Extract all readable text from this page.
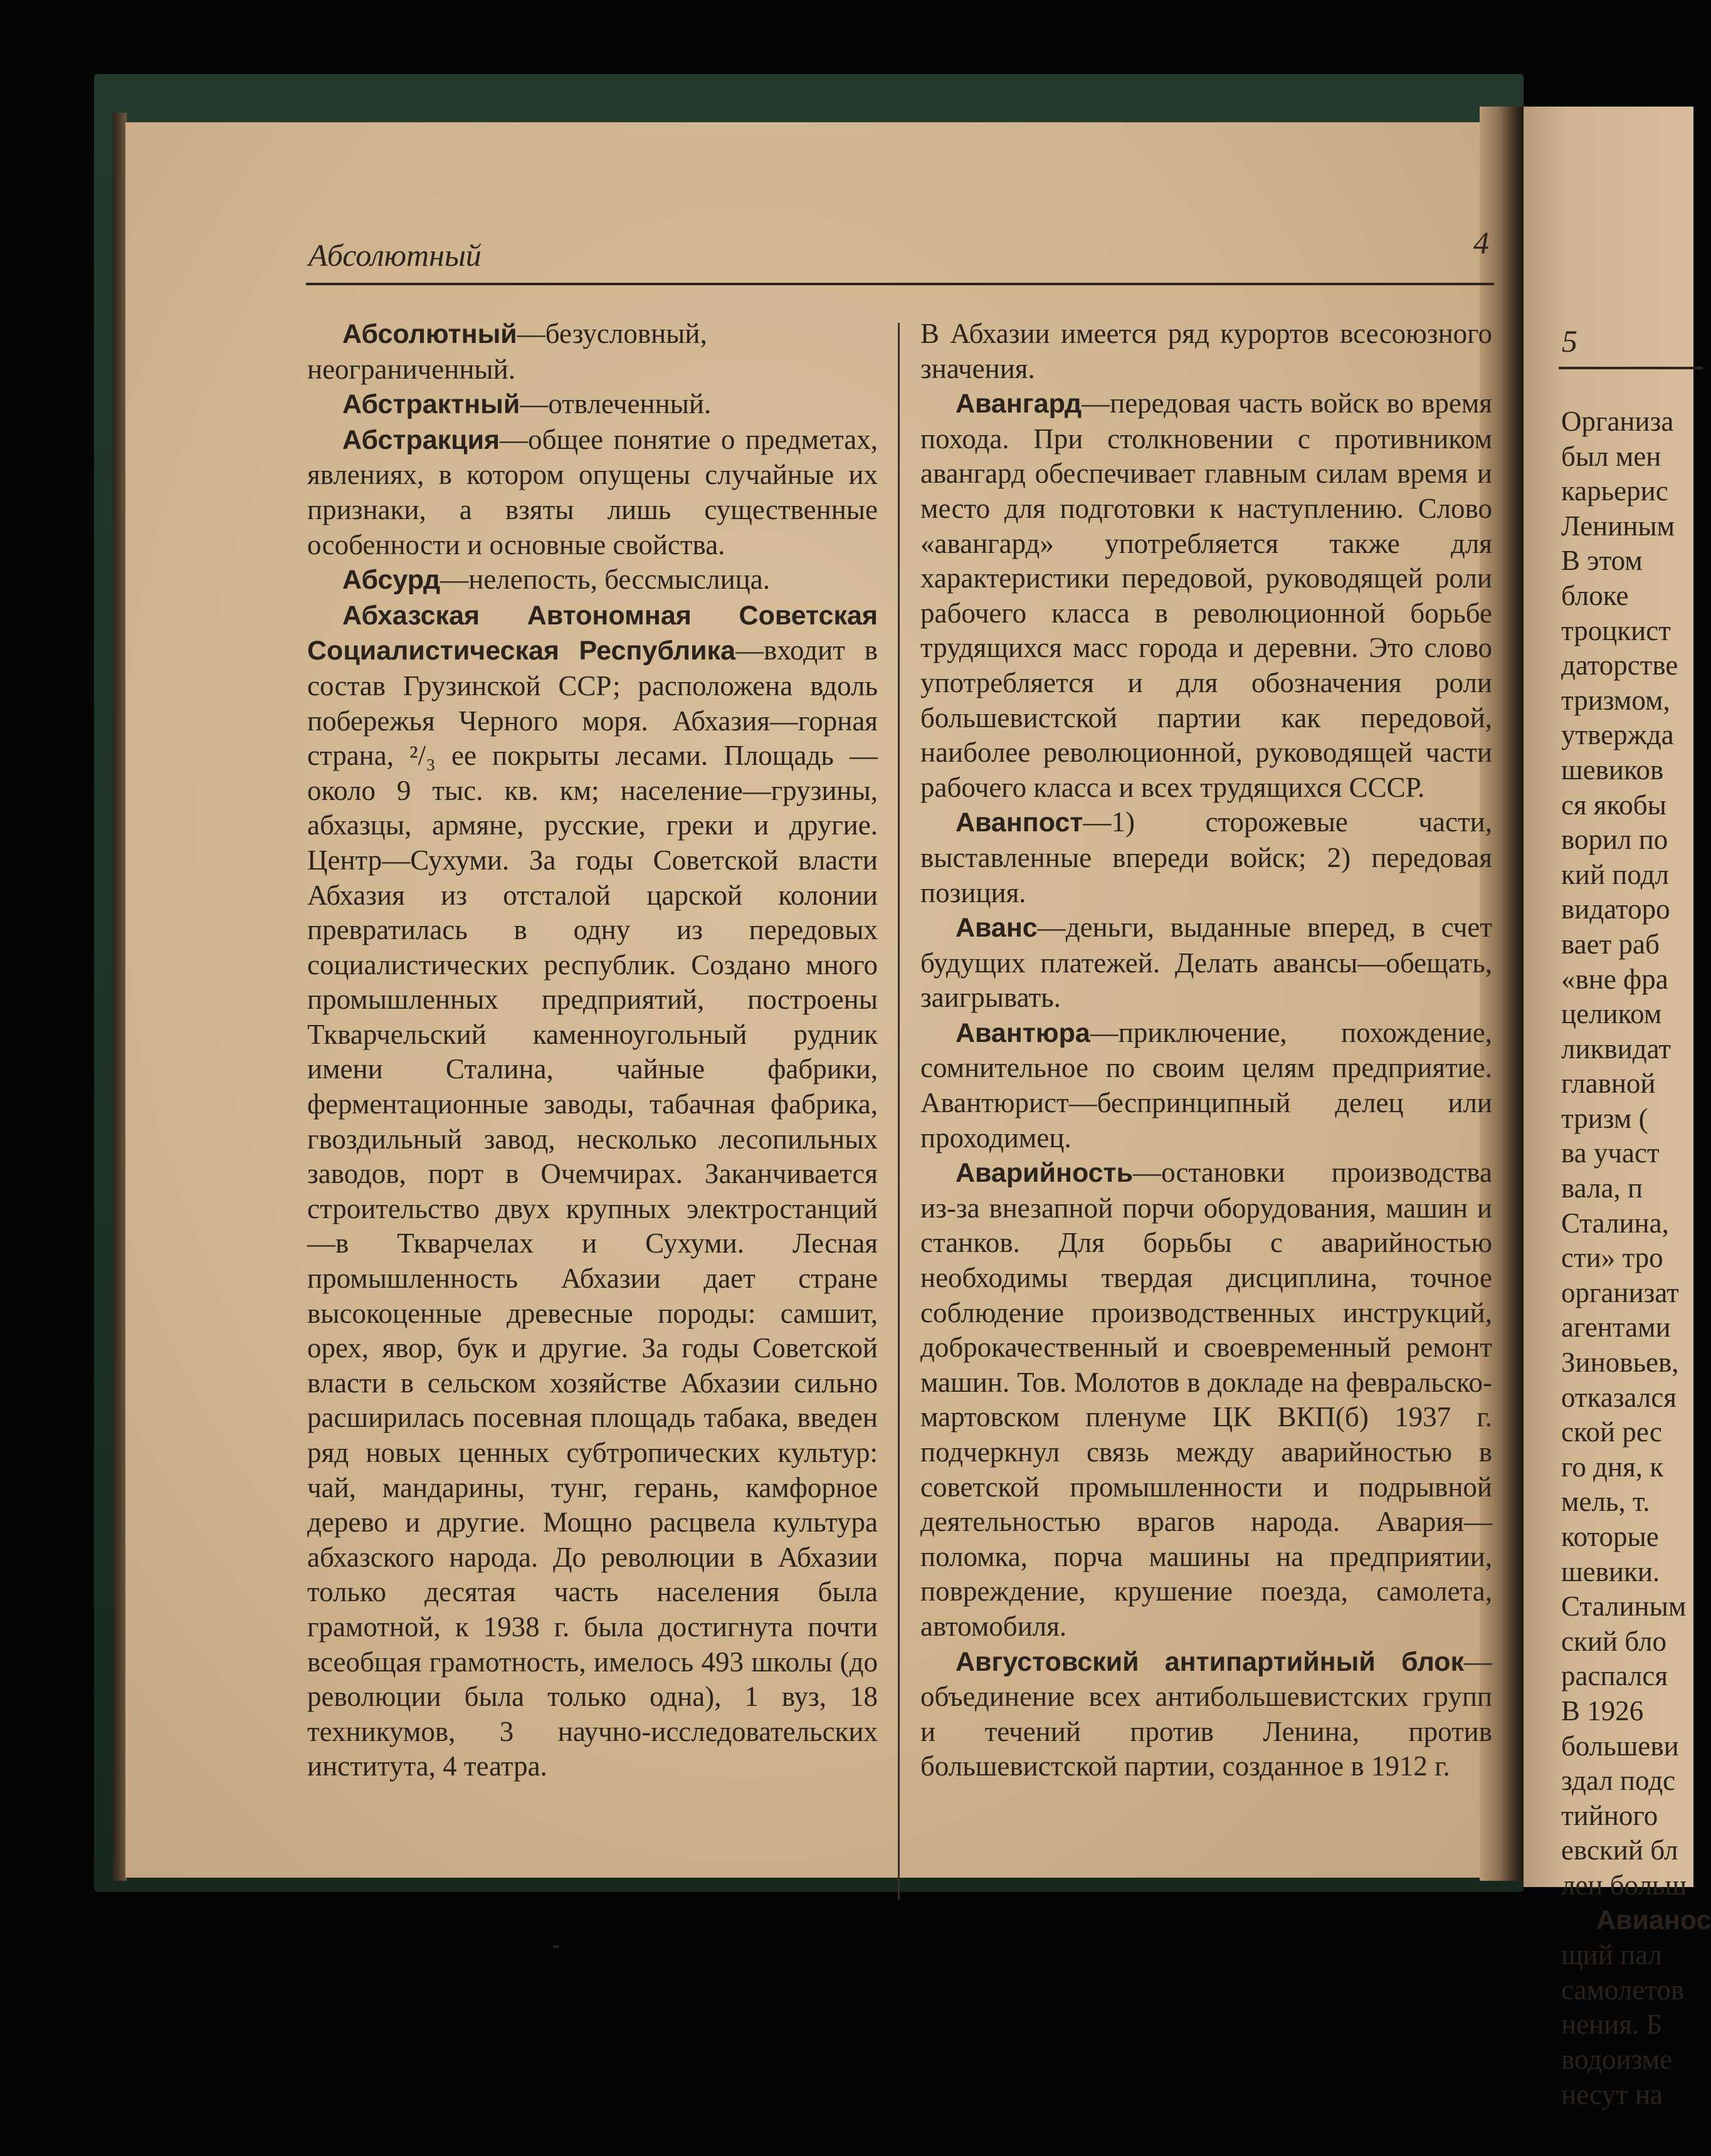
Абсолютный	4

Абсолютный—безусловный, неограниченный.

Абстрактный—отвлеченный.

Абстракция—общее понятие о предметах, явлениях, в котором опущены случайные их признаки, а взяты лишь существенные особенности и основные свойства.

Абсурд—нелепость, бессмыслица.

Абхазская Автономная Советская Социалистическая Республика—входит в состав Грузинской ССР; расположена вдоль побережья Черного моря. Абхазия—горная страна, ²/₃ ее покрыты лесами. Площадь — около 9 тыс. кв. км; население—грузины, абхазцы, армяне, русские, греки и другие. Центр—Сухуми. За годы Советской власти Абхазия из отсталой царской колонии превратилась в одну из передовых социалистических республик. Создано много промышленных предприятий, построены Ткварчельский каменноугольный рудник имени Сталина, чайные фабрики, ферментационные заводы, табачная фабрика, гвоздильный завод, несколько лесопильных заводов, порт в Очемчирах. Заканчивается строительство двух крупных электростанций—в Ткварчелах и Сухуми. Лесная промышленность Абхазии дает стране высокоценные древесные породы: самшит, орех, явор, бук и другие. За годы Советской власти в сельском хозяйстве Абхазии сильно расширилась посевная площадь табака, введен ряд новых ценных субтропических культур: чай, мандарины, тунг, герань, камфорное дерево и другие. Мощно расцвела культура абхазского народа. До революции в Абхазии только десятая часть населения была грамотной, к 1938 г. была достигнута почти всеобщая грамотность, имелось 493 школы (до революции была только одна), 1 вуз, 18 техникумов, 3 научно-исследовательских института, 4 театра.

В Абхазии имеется ряд курортов всесоюзного значения.

Авангард—передовая часть войск во время похода. При столкновении с противником авангард обеспечивает главным силам время и место для подготовки к наступлению. Слово «авангард» употребляется также для характеристики передовой, руководящей роли рабочего класса в революционной борьбе трудящихся масс города и деревни. Это слово употребляется и для обозначения роли большевистской партии как передовой, наиболее революционной, руководящей части рабочего класса и всех трудящихся СССР.

Аванпост—1) сторожевые части, выставленные впереди войск; 2) передовая позиция.

Аванс—деньги, выданные вперед, в счет будущих платежей. Делать авансы—обещать, заигрывать.

Авантюра—приключение, похождение, сомнительное по своим целям предприятие. Авантюрист—беспринципный делец или проходимец.

Аварийность—остановки производства из-за внезапной порчи оборудования, машин и станков. Для борьбы с аварийностью необходимы твердая дисциплина, точное соблюдение производственных инструкций, доброкачественный и своевременный ремонт машин. Тов. Молотов в докладе на февральско-мартовском пленуме ЦК ВКП(б) 1937 г. подчеркнул связь между аварийностью в советской промышленности и подрывной деятельностью врагов народа. Авария—поломка, порча машины на предприятии, повреждение, крушение поезда, самолета, автомобиля.

Августовский антипартийный блок—объединение всех антибольшевистских групп и течений против Ленина, против большевистской партии, созданное в 1912 г.

5
Организа
был мен
карьерис
Лениным
В этом
блоке
троцкист
даторстве
тризмом,
утвержда
шевиков
ся якобы
ворил по
кий подл
видаторо
вает раб
«вне фра
целиком
ликвидат
главной
тризм (
ва участ
вала, п
Сталина,
сти» тро
организат
агентами
Зиновьев,
отказался
ской рес
го дня, к
мель, т.
которые
шевики.
Сталиным
ский бло
распался
В 1926
большеви
здал подс
тийного
евский бл
лен больш
Авианос
щий пал
самолетов
нения. Б
водоизме
несут на
